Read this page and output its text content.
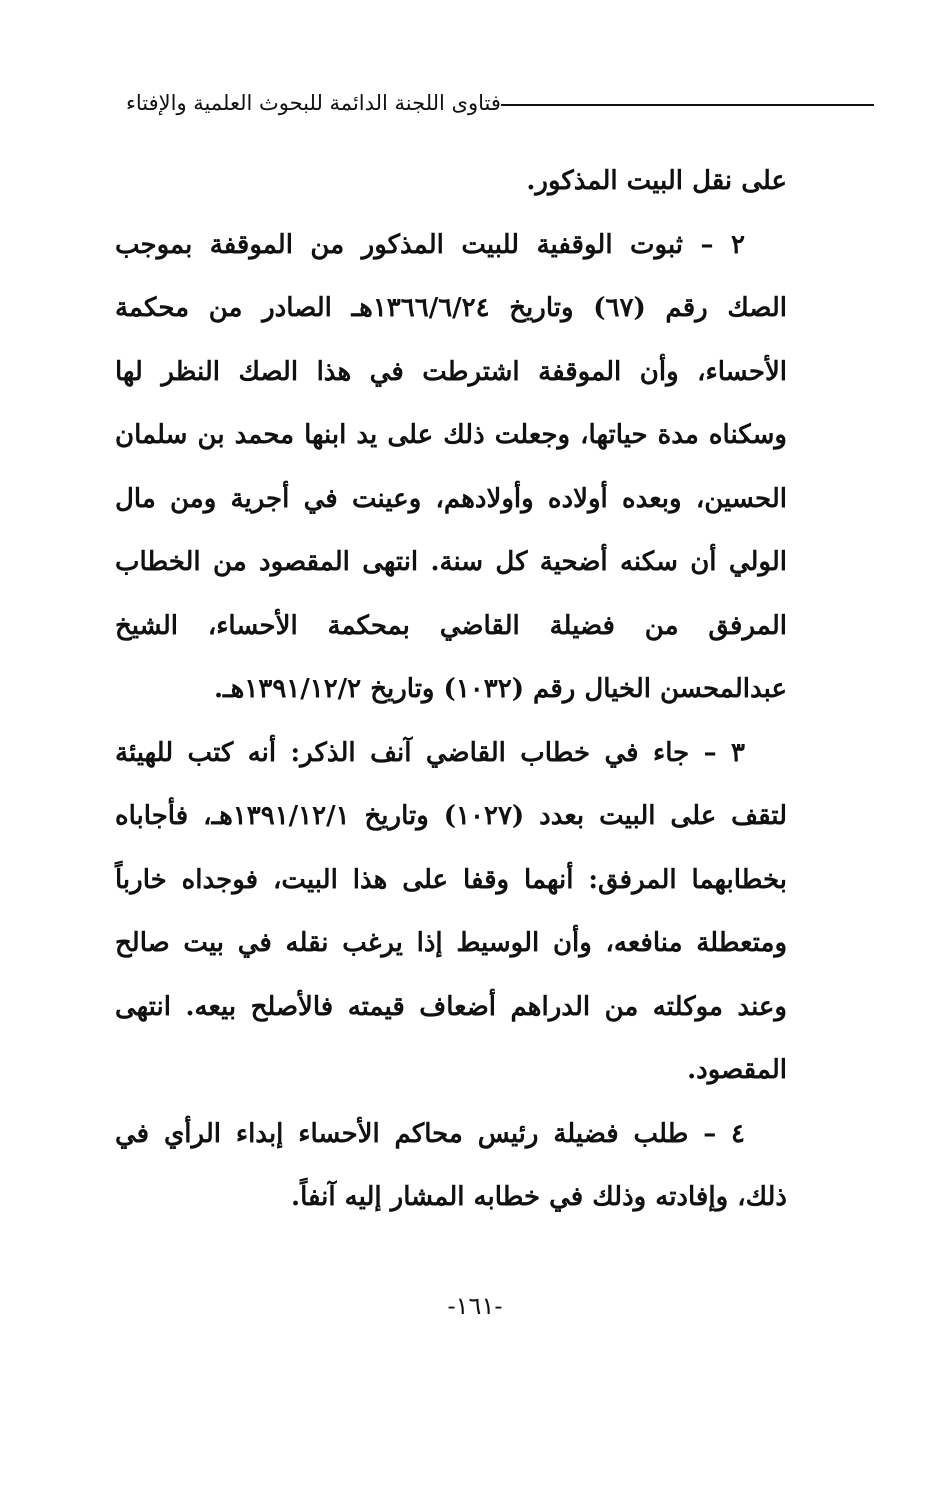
فتاوى اللجنة الدائمة للبحوث العلمية والإفتاء

على نقل البيت المذكور.

٢ – ثبوت الوقفية للبيت المذكور من الموقفة بموجب الصك رقم (٦٧) وتاريخ ١٣٦٦/٦/٢٤هـ الصادر من محكمة الأحساء، وأن الموقفة اشترطت في هذا الصك النظر لها وسكناه مدة حياتها، وجعلت ذلك على يد ابنها محمد بن سلمان الحسين، وبعده أولاده وأولادهم، وعينت في أجرية ومن مال الولي أن سكنه أضحية كل سنة. انتهى المقصود من الخطاب المرفق من فضيلة القاضي بمحكمة الأحساء، الشيخ عبدالمحسن الخيال رقم (١٠٣٢) وتاريخ ١٣٩١/١٢/٢هـ.

٣ – جاء في خطاب القاضي آنف الذكر: أنه كتب للهيئة لتقف على البيت بعدد (١٠٢٧) وتاريخ ١٣٩١/١٢/١هـ، فأجاباه بخطابهما المرفق: أنهما وقفا على هذا البيت، فوجداه خارباً ومتعطلة منافعه، وأن الوسيط إذا يرغب نقله في بيت صالح وعند موكلته من الدراهم أضعاف قيمته فالأصلح بيعه. انتهى المقصود.

٤ – طلب فضيلة رئيس محاكم الأحساء إبداء الرأي في ذلك، وإفادته وذلك في خطابه المشار إليه آنفاً.

-١٦١-
